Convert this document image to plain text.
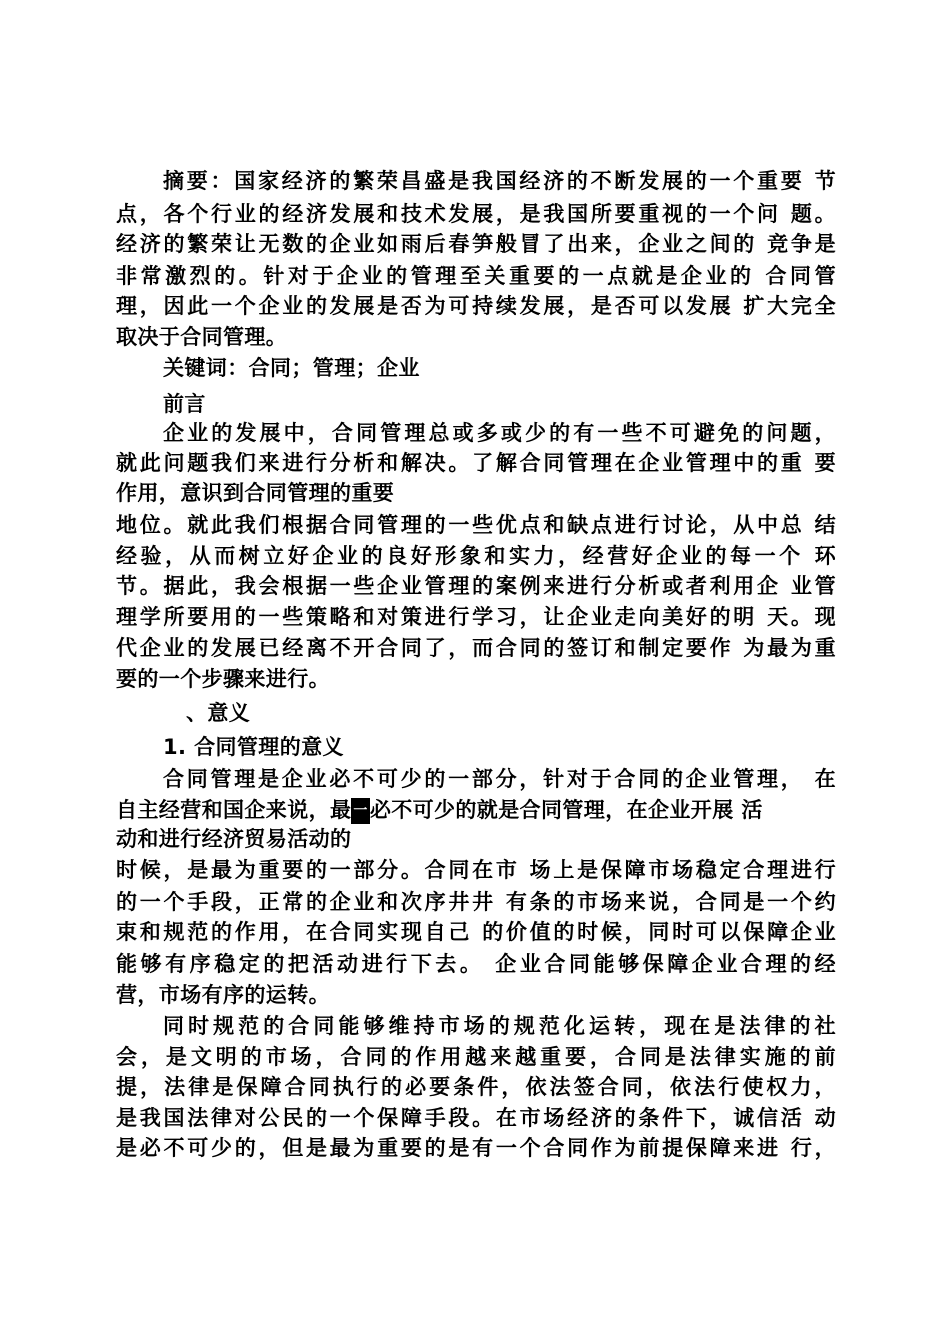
摘要：国家经济的繁荣昌盛是我国经济的不断发展的一个重要 节
点，各个行业的经济发展和技术发展，是我国所要重视的一个问 题。
经济的繁荣让无数的企业如雨后春笋般冒了出来，企业之间的 竞争是
非常激烈的。针对于企业的管理至关重要的一点就是企业的 合同管
理，因此一个企业的发展是否为可持续发展，是否可以发展 扩大完全
取决于合同管理。
关键词：合同；管理；企业
前言
企业的发展中，合同管理总或多或少的有一些不可避免的问题，
就此问题我们来进行分析和解决。了解合同管理在企业管理中的重 要
作用，意识到合同管理的重要
地位。就此我们根据合同管理的一些优点和缺点进行讨论，从中总 结
经验，从而树立好企业的良好形象和实力，经营好企业的每一个 环
节。据此，我会根据一些企业管理的案例来进行分析或者利用企 业管
理学所要用的一些策略和对策进行学习，让企业走向美好的明 天。现
代企业的发展已经离不开合同了，而合同的签订和制定要作 为最为重
要的一个步骤来进行。
、意义
1. 合同管理的意义
合同管理是企业必不可少的一部分，针对于合同的企业管理， 在
自主经营和国企来说，最 一必不可少的就是合同管理，在企业开展 活
动和进行经济贸易活动的
时候，是最为重要的一部分。合同在市 场上是保障市场稳定合理进行
的一个手段，正常的企业和次序井井 有条的市场来说，合同是一个约
束和规范的作用，在合同实现自己 的价值的时候，同时可以保障企业
能够有序稳定的把活动进行下去。 企业合同能够保障企业合理的经
营，市场有序的运转。
同时规范的合同能够维持市场的规范化运转，现在是法律的社
会，是文明的市场，合同的作用越来越重要，合同是法律实施的前
提，法律是保障合同执行的必要条件，依法签合同，依法行使权力，
是我国法律对公民的一个保障手段。在市场经济的条件下，诚信活 动
是必不可少的，但是最为重要的是有一个合同作为前提保障来进 行，
